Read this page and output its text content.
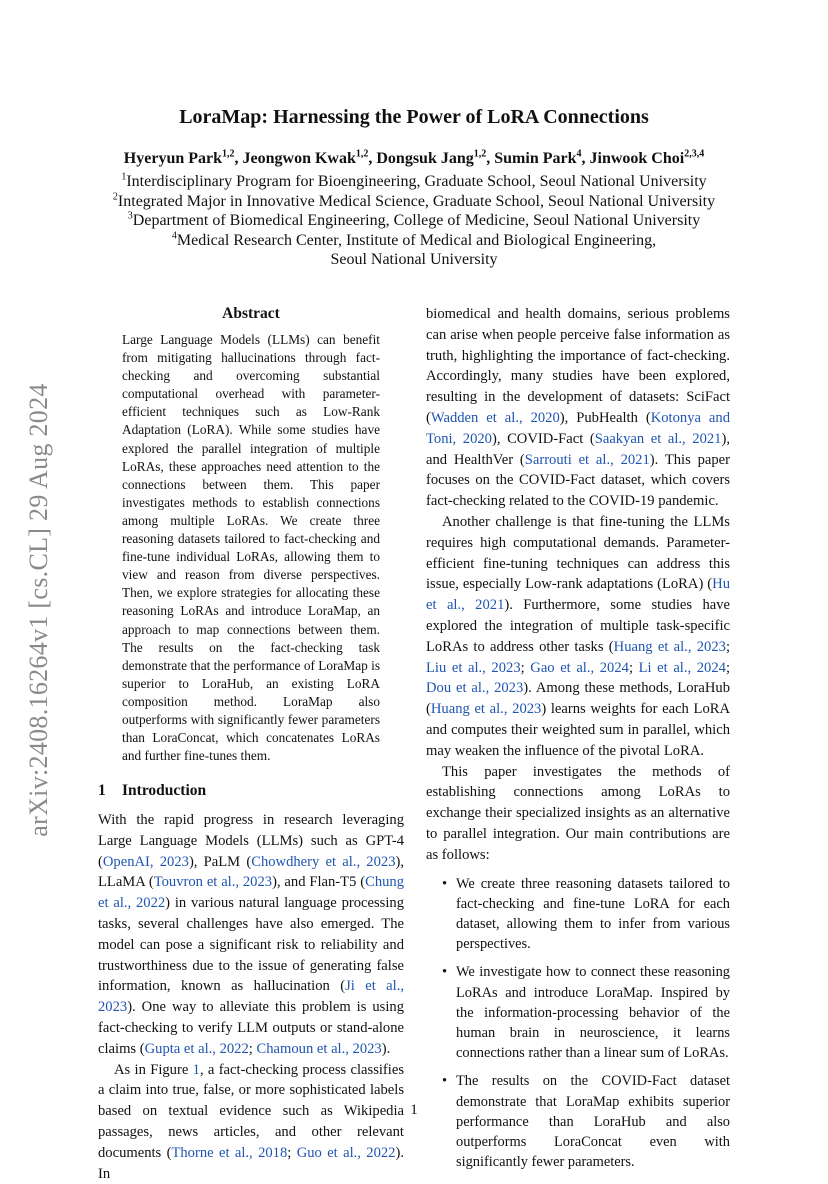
arXiv:2408.16264v1 [cs.CL] 29 Aug 2024
LoraMap: Harnessing the Power of LoRA Connections
Hyeryun Park$^{1,2}$, Jeongwon Kwak$^{1,2}$, Dongsuk Jang$^{1,2}$, Sumin Park$^4$, Jinwook Choi$^{2,3,4}$
$^1$Interdisciplinary Program for Bioengineering, Graduate School, Seoul National University
$^2$Integrated Major in Innovative Medical Science, Graduate School, Seoul National University
$^3$Department of Biomedical Engineering, College of Medicine, Seoul National University
$^4$Medical Research Center, Institute of Medical and Biological Engineering,
Seoul National University
Abstract

Large Language Models (LLMs) can benefit from mitigating hallucinations through fact-checking and overcoming substantial computational overhead with parameter-efficient techniques such as Low-Rank Adaptation (LoRA). While some studies have explored the parallel integration of multiple LoRAs, these approaches need attention to the connections between them. This paper investigates methods to establish connections among multiple LoRAs. We create three reasoning datasets tailored to fact-checking and fine-tune individual LoRAs, allowing them to view and reason from diverse perspectives. Then, we explore strategies for allocating these reasoning LoRAs and introduce LoraMap, an approach to map connections between them. The results on the fact-checking task demonstrate that the performance of LoraMap is superior to LoraHub, an existing LoRA composition method. LoraMap also outperforms with significantly fewer parameters than LoraConcat, which concatenates LoRAs and further fine-tunes them.

1 Introduction

With the rapid progress in research leveraging Large Language Models (LLMs) such as GPT-4 (OpenAI, 2023), PaLM (Chowdhery et al., 2023), LLaMA (Touvron et al., 2023), and Flan-T5 (Chung et al., 2022) in various natural language processing tasks, several challenges have also emerged. The model can pose a significant risk to reliability and trustworthiness due to the issue of generating false information, known as hallucination (Ji et al., 2023). One way to alleviate this problem is using fact-checking to verify LLM outputs or stand-alone claims (Gupta et al., 2022; Chamoun et al., 2023).

As in Figure 1, a fact-checking process classifies a claim into true, false, or more sophisticated labels based on textual evidence such as Wikipedia passages, news articles, and other relevant documents (Thorne et al., 2018; Guo et al., 2022). In

biomedical and health domains, serious problems can arise when people perceive false information as truth, highlighting the importance of fact-checking. Accordingly, many studies have been explored, resulting in the development of datasets: SciFact (Wadden et al., 2020), PubHealth (Kotonya and Toni, 2020), COVID-Fact (Saakyan et al., 2021), and HealthVer (Sarrouti et al., 2021). This paper focuses on the COVID-Fact dataset, which covers fact-checking related to the COVID-19 pandemic.

Another challenge is that fine-tuning the LLMs requires high computational demands. Parameter-efficient fine-tuning techniques can address this issue, especially Low-rank adaptations (LoRA) (Hu et al., 2021). Furthermore, some studies have explored the integration of multiple task-specific LoRAs to address other tasks (Huang et al., 2023; Liu et al., 2023; Gao et al., 2024; Li et al., 2024; Dou et al., 2023). Among these methods, LoraHub (Huang et al., 2023) learns weights for each LoRA and computes their weighted sum in parallel, which may weaken the influence of the pivotal LoRA.

This paper investigates the methods of establishing connections among LoRAs to exchange their specialized insights as an alternative to parallel integration. Our main contributions are as follows:

• We create three reasoning datasets tailored to fact-checking and fine-tune LoRA for each dataset, allowing them to infer from various perspectives.
• We investigate how to connect these reasoning LoRAs and introduce LoraMap. Inspired by the information-processing behavior of the human brain in neuroscience, it learns connections rather than a linear sum of LoRAs.
• The results on the COVID-Fact dataset demonstrate that LoraMap exhibits superior performance than LoraHub and also outperforms LoraConcat even with significantly fewer parameters.
1
